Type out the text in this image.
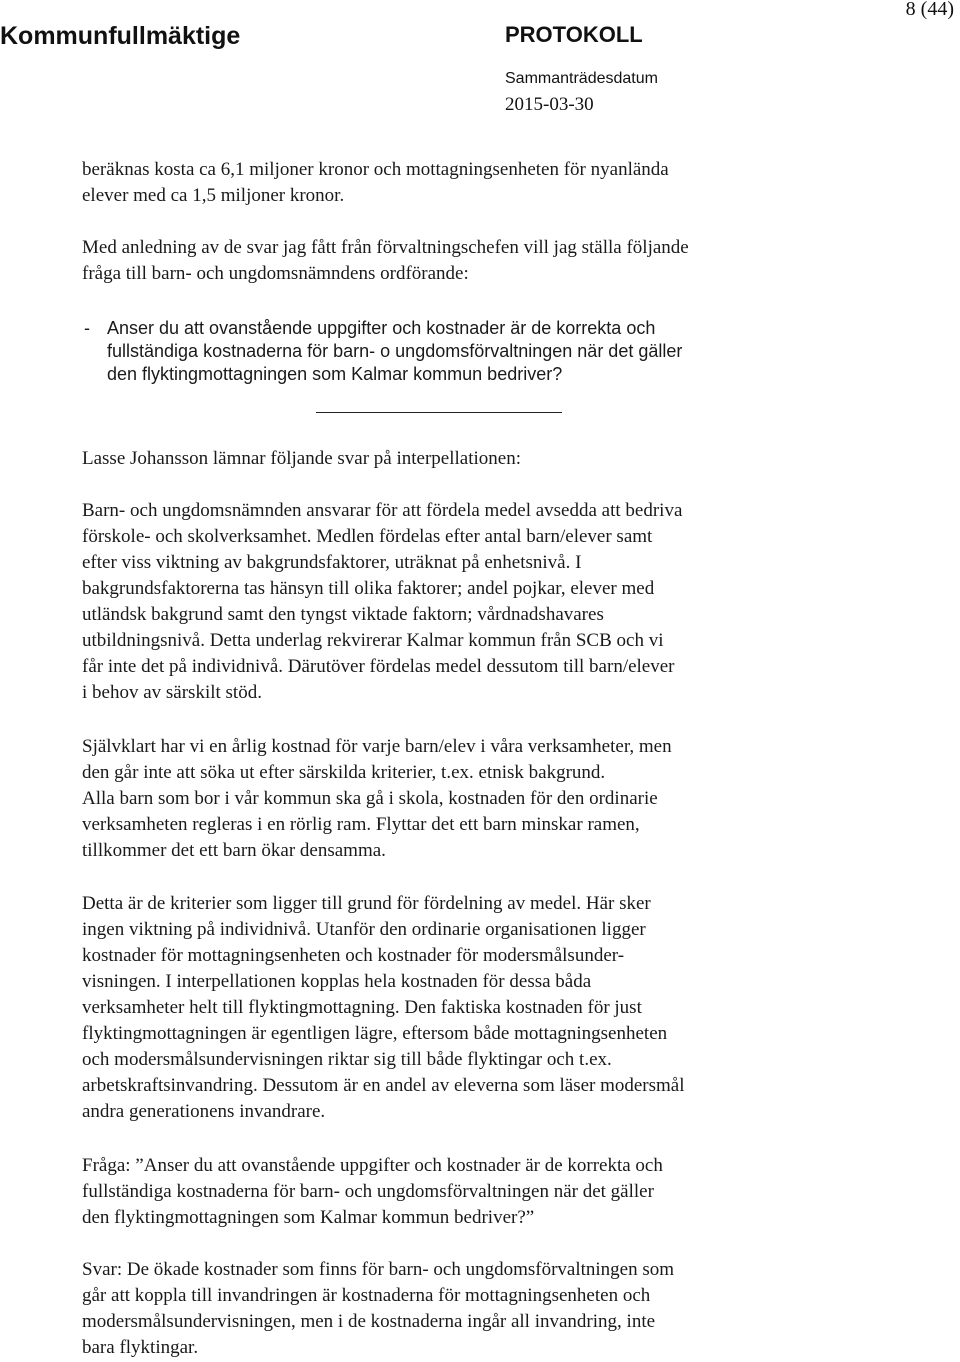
Kommunfullmäktige	PROTOKOLL
Sammanträdesdatum
2015-03-30
8 (44)

beräknas kosta ca 6,1 miljoner kronor och mottagningsenheten för nyanlända
elever med ca 1,5 miljoner kronor.

Med anledning av de svar jag fått från förvaltningschefen vill jag ställa följande
fråga till barn- och ungdomsnämndens ordförande:

- Anser du att ovanstående uppgifter och kostnader är de korrekta och
fullständiga kostnaderna för barn- o ungdomsförvaltningen när det gäller
den flyktingmottagningen som Kalmar kommun bedriver?

Lasse Johansson lämnar följande svar på interpellationen:

Barn- och ungdomsnämnden ansvarar för att fördela medel avsedda att bedriva
förskole- och skolverksamhet. Medlen fördelas efter antal barn/elever samt
efter viss viktning av bakgrundsfaktorer, uträknat på enhetsnivå. I
bakgrundsfaktorerna tas hänsyn till olika faktorer; andel pojkar, elever med
utländsk bakgrund samt den tyngst viktade faktorn; vårdnadshavares
utbildningsnivå. Detta underlag rekvirerar Kalmar kommun från SCB och vi
får inte det på individnivå. Därutöver fördelas medel dessutom till barn/elever
i behov av särskilt stöd.

Självklart har vi en årlig kostnad för varje barn/elev i våra verksamheter, men
den går inte att söka ut efter särskilda kriterier, t.ex. etnisk bakgrund.
Alla barn som bor i vår kommun ska gå i skola, kostnaden för den ordinarie
verksamheten regleras i en rörlig ram. Flyttar det ett barn minskar ramen,
tillkommer det ett barn ökar densamma.

Detta är de kriterier som ligger till grund för fördelning av medel. Här sker
ingen viktning på individnivå. Utanför den ordinarie organisationen ligger
kostnader för mottagningsenheten och kostnader för modersmålsunder-
visningen. I interpellationen kopplas hela kostnaden för dessa båda
verksamheter helt till flyktingmottagning. Den faktiska kostnaden för just
flyktingmottagningen är egentligen lägre, eftersom både mottagningsenheten
och modersmålsundervisningen riktar sig till både flyktingar och t.ex.
arbetskraftsinvandring. Dessutom är en andel av eleverna som läser modersmål
andra generationens invandrare.

Fråga: ”Anser du att ovanstående uppgifter och kostnader är de korrekta och
fullständiga kostnaderna för barn- och ungdomsförvaltningen när det gäller
den flyktingmottagningen som Kalmar kommun bedriver?”

Svar: De ökade kostnader som finns för barn- och ungdomsförvaltningen som
går att koppla till invandringen är kostnaderna för mottagningsenheten och
modersmålsundervisningen, men i de kostnaderna ingår all invandring, inte
bara flyktingar.
